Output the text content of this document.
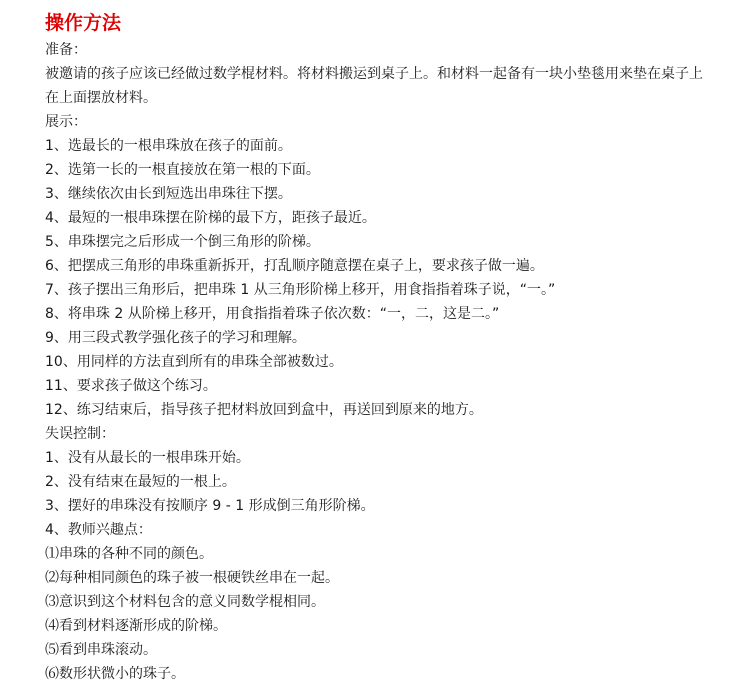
操作方法

准备：

被邀请的孩子应该已经做过数学棍材料。将材料搬运到桌子上。和材料一起备有一块小垫毯用来垫在桌子上在上面摆放材料。

展示：

1、选最长的一根串珠放在孩子的面前。

2、选第一长的一根直接放在第一根的下面。

3、继续依次由长到短选出串珠往下摆。

4、最短的一根串珠摆在阶梯的最下方，距孩子最近。

5、串珠摆完之后形成一个倒三角形的阶梯。

6、把摆成三角形的串珠重新拆开，打乱顺序随意摆在桌子上，要求孩子做一遍。

7、孩子摆出三角形后，把串珠 1 从三角形阶梯上移开，用食指指着珠子说，“一。”

8、将串珠 2 从阶梯上移开，用食指指着珠子依次数：“一，二，这是二。”

9、用三段式教学强化孩子的学习和理解。

10、用同样的方法直到所有的串珠全部被数过。

11、要求孩子做这个练习。

12、练习结束后，指导孩子把材料放回到盒中，再送回到原来的地方。

失误控制：

1、没有从最长的一根串珠开始。

2、没有结束在最短的一根上。

3、摆好的串珠没有按顺序 9 - 1 形成倒三角形阶梯。

4、教师兴趣点：

⑴串珠的各种不同的颜色。

⑵每种相同颜色的珠子被一根硬铁丝串在一起。

⑶意识到这个材料包含的意义同数学棍相同。

⑷看到材料逐渐形成的阶梯。

⑸看到串珠滚动。

⑹数形状微小的珠子。
